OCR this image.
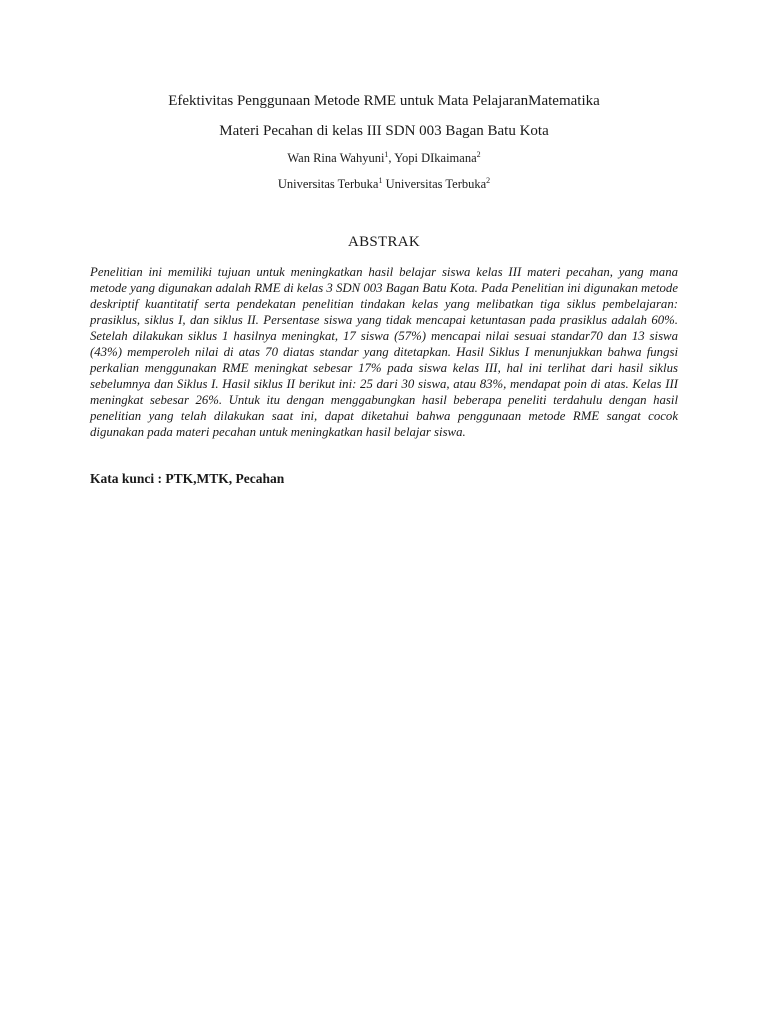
Efektivitas Penggunaan Metode RME untuk Mata PelajaranMatematika
Materi Pecahan di kelas III SDN 003 Bagan Batu Kota
Wan Rina Wahyuni$^1$, Yopi DIkaimana$^2$
Universitas Terbuka$^1$ Universitas Terbuka$^2$
ABSTRAK
Penelitian ini memiliki tujuan untuk meningkatkan hasil belajar siswa kelas III materi pecahan, yang mana metode yang digunakan adalah RME di kelas 3 SDN 003 Bagan Batu Kota. Pada Penelitian ini digunakan metode deskriptif kuantitatif serta pendekatan penelitian tindakan kelas yang melibatkan tiga siklus pembelajaran: prasiklus, siklus I, dan siklus II. Persentase siswa yang tidak mencapai ketuntasan pada prasiklus adalah 60%. Setelah dilakukan siklus 1 hasilnya meningkat, 17 siswa (57%) mencapai nilai sesuai standar70 dan 13 siswa (43%) memperoleh nilai di atas 70 diatas standar yang ditetapkan. Hasil Siklus I menunjukkan bahwa fungsi perkalian menggunakan RME meningkat sebesar 17% pada siswa kelas III, hal ini terlihat dari hasil siklus sebelumnya dan Siklus I. Hasil siklus II berikut ini: 25 dari 30 siswa, atau 83%, mendapat poin di atas. Kelas III meningkat sebesar 26%. Untuk itu dengan menggabungkan hasil beberapa peneliti terdahulu dengan hasil penelitian yang telah dilakukan saat ini, dapat diketahui bahwa penggunaan metode RME sangat cocok digunakan pada materi pecahan untuk meningkatkan hasil belajar siswa.
Kata kunci : PTK,MTK, Pecahan
